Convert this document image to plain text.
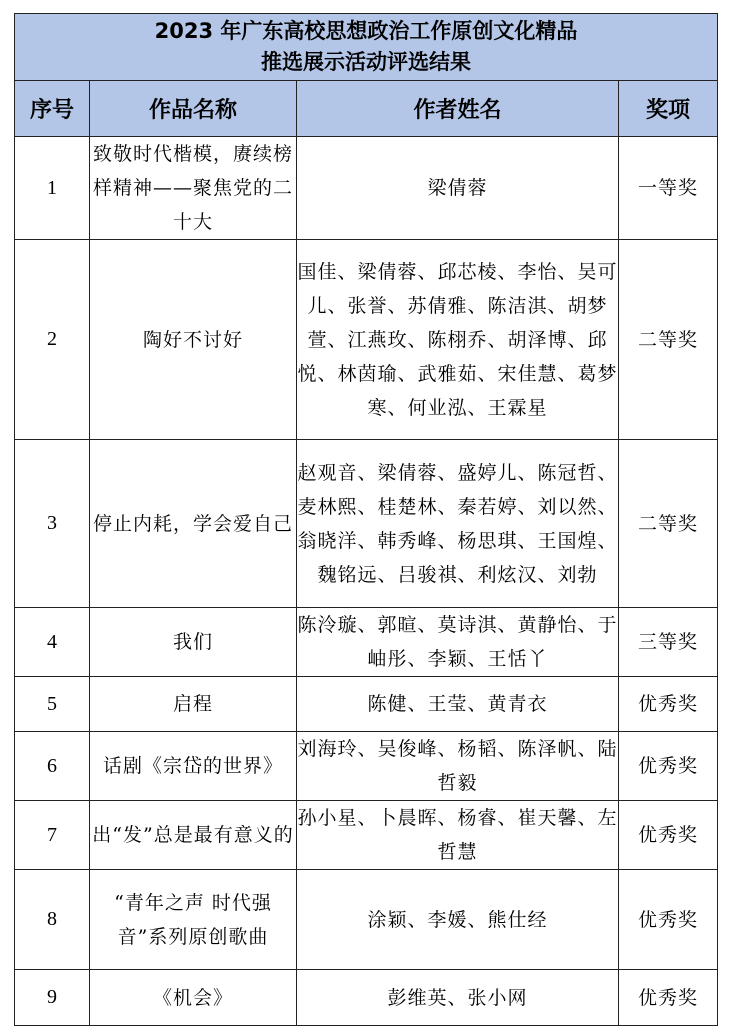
2023 年广东高校思想政治工作原创文化精品
推选展示活动评选结果			

序号	作品名称	作者姓名	奖项
1	致敬时代楷模，赓续榜样精神——聚焦党的二十大	梁倩蓉	一等奖
2	陶好不讨好	国佳、梁倩蓉、邱芯棱、李怡、吴可儿、张誉、苏倩雅、陈洁淇、胡梦萱、江燕玫、陈栩乔、胡泽博、邱悦、林茵瑜、武雅茹、宋佳慧、葛梦寒、何业泓、王霖星	二等奖
3	停止内耗，学会爱自己	赵观音、梁倩蓉、盛婷儿、陈冠哲、麦林熙、桂楚林、秦若婷、刘以然、翁晓洋、韩秀峰、杨思琪、王国煌、魏铭远、吕骏祺、利炫汉、刘勃	二等奖
4	我们	陈泠璇、郭暄、莫诗淇、黄静怡、于岫彤、李颖、王恬丫	三等奖
5	启程	陈健、王莹、黄青衣	优秀奖
6	话剧《宗岱的世界》	刘海玲、吴俊峰、杨韬、陈泽帆、陆哲毅	优秀奖
7	出“发”总是最有意义的	孙小星、卜晨晖、杨睿、崔天馨、左哲慧	优秀奖
8	“青年之声 时代强音”系列原创歌曲	涂颖、李媛、熊仕经	优秀奖
9	《机会》	彭维英、张小网	优秀奖
